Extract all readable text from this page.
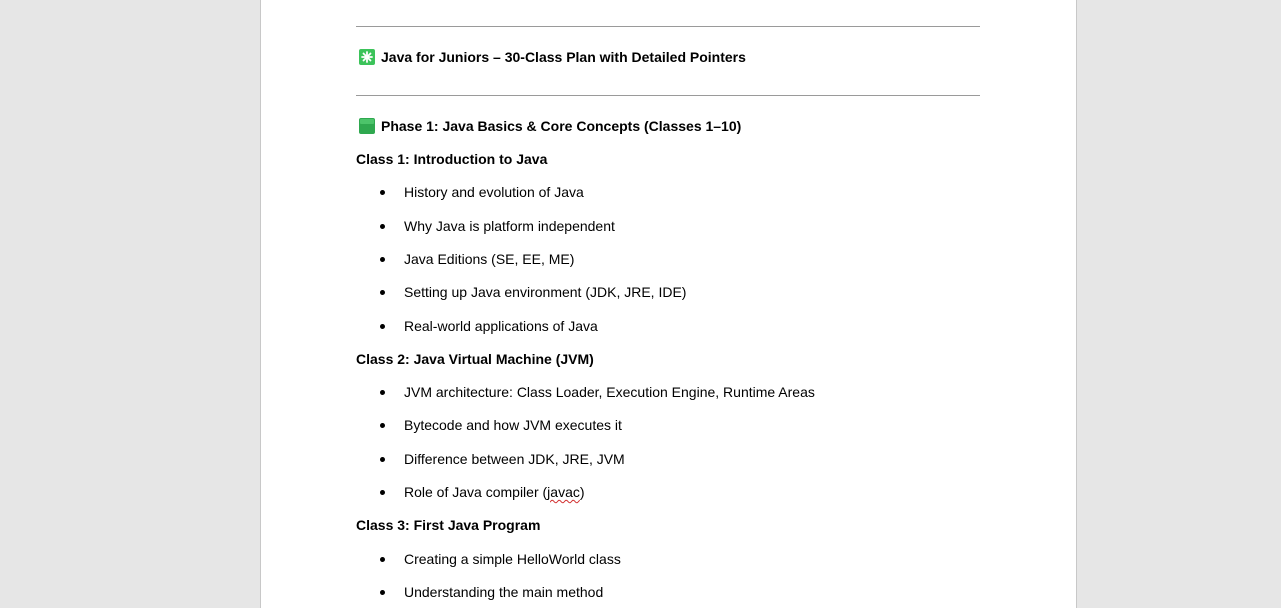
Java for Juniors – 30-Class Plan with Detailed Pointers
Phase 1: Java Basics & Core Concepts (Classes 1–10)
Class 1: Introduction to Java
History and evolution of Java
Why Java is platform independent
Java Editions (SE, EE, ME)
Setting up Java environment (JDK, JRE, IDE)
Real-world applications of Java
Class 2: Java Virtual Machine (JVM)
JVM architecture: Class Loader, Execution Engine, Runtime Areas
Bytecode and how JVM executes it
Difference between JDK, JRE, JVM
Role of Java compiler (javac)
Class 3: First Java Program
Creating a simple HelloWorld class
Understanding the main method
